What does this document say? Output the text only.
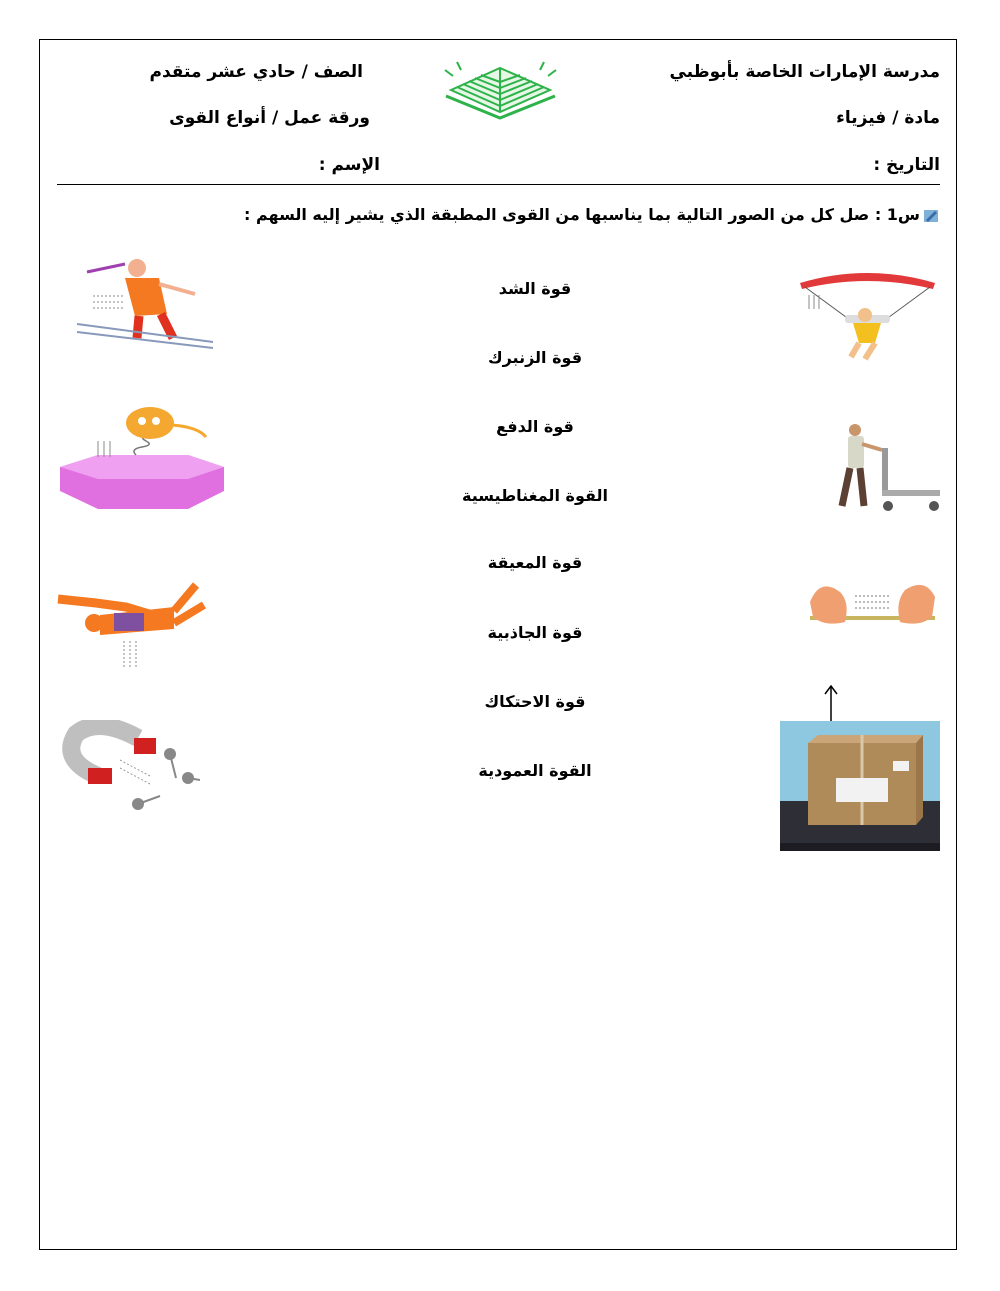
مدرسة الإمارات الخاصة بأبوظبي
مادة / فيزياء
التاريخ :
الصف / حادي عشر متقدم
ورقة عمل / أنواع القوى
الإسم :
س1 : صل كل من الصور التالية بما يناسبها من القوى المطبقة الذي يشير إليه السهم :
قوة الشد
قوة الزنبرك
قوة الدفع
القوة المغناطيسية
قوة المعيقة
قوة الجاذبية
قوة الاحتكاك
القوة العمودية
